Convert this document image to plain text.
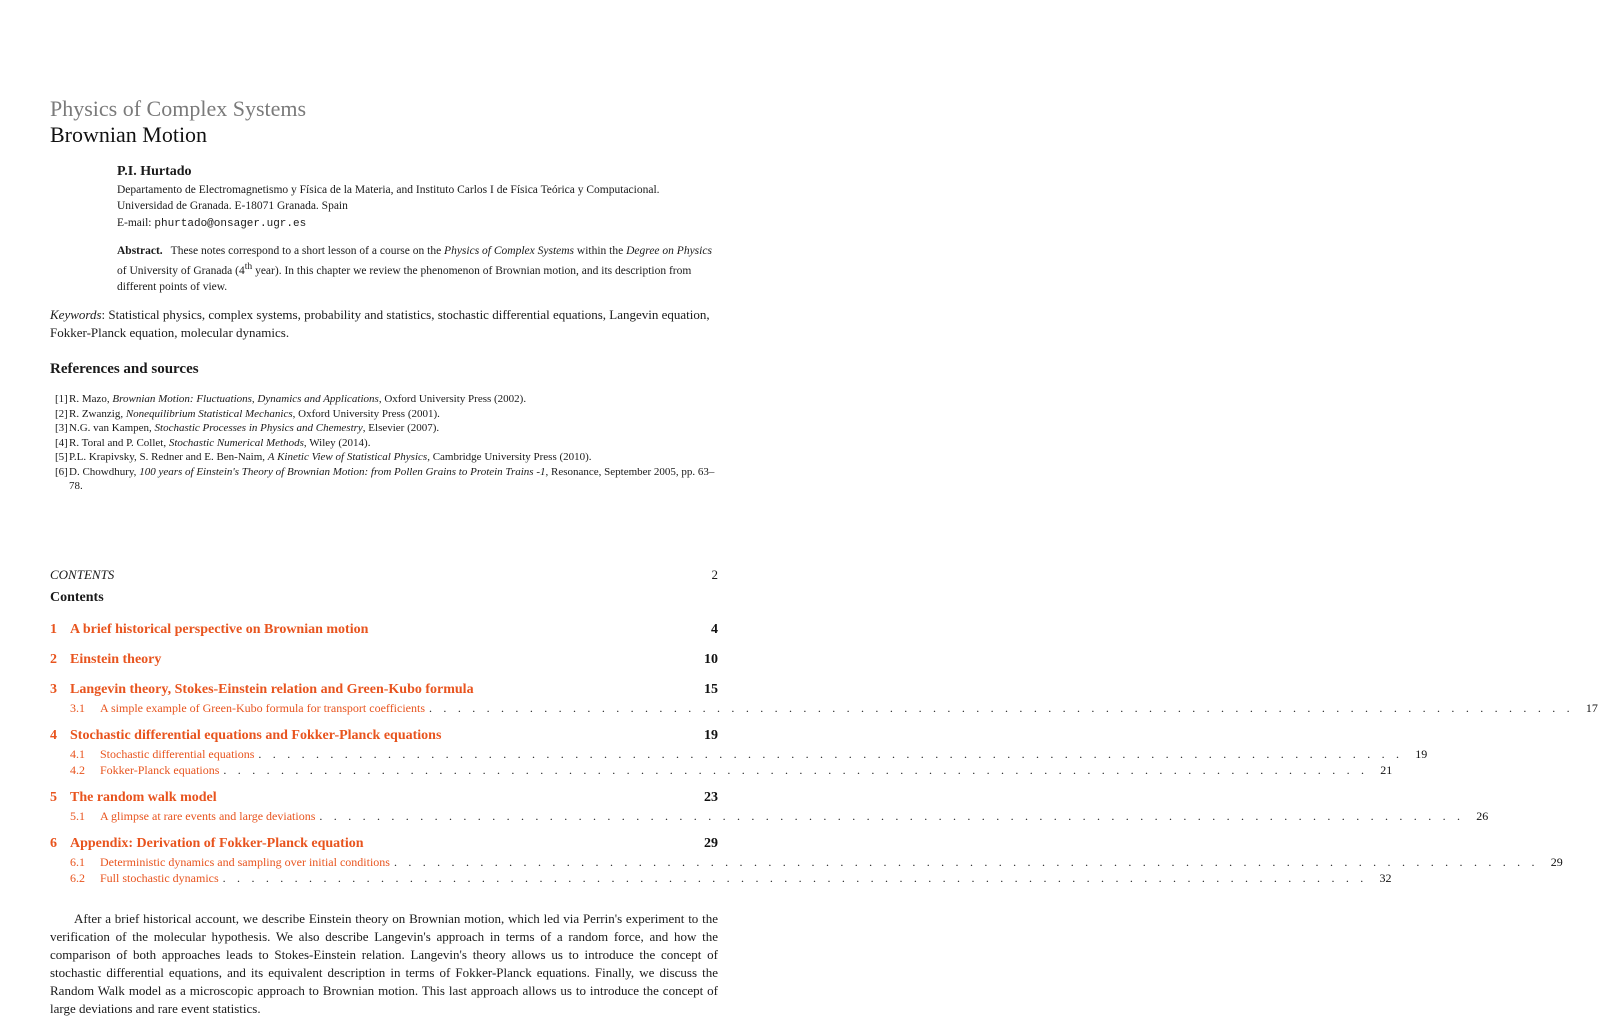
Physics of Complex Systems
Brownian Motion
P.I. Hurtado
Departamento de Electromagnetismo y Física de la Materia, and Instituto Carlos I de Física Teórica y Computacional. Universidad de Granada. E-18071 Granada. Spain
E-mail: phurtado@onsager.ugr.es
Abstract. These notes correspond to a short lesson of a course on the Physics of Complex Systems within the Degree on Physics of University of Granada (4th year). In this chapter we review the phenomenon of Brownian motion, and its description from different points of view.
Keywords: Statistical physics, complex systems, probability and statistics, stochastic differential equations, Langevin equation, Fokker-Planck equation, molecular dynamics.
References and sources
[1] R. Mazo, Brownian Motion: Fluctuations, Dynamics and Applications, Oxford University Press (2002).
[2] R. Zwanzig, Nonequilibrium Statistical Mechanics, Oxford University Press (2001).
[3] N.G. van Kampen, Stochastic Processes in Physics and Chemestry, Elsevier (2007).
[4] R. Toral and P. Collet, Stochastic Numerical Methods, Wiley (2014).
[5] P.L. Krapivsky, S. Redner and E. Ben-Naim, A Kinetic View of Statistical Physics, Cambridge University Press (2010).
[6] D. Chowdhury, 100 years of Einstein's Theory of Brownian Motion: from Pollen Grains to Protein Trains -1, Resonance, September 2005, pp. 63–78.
CONTENTS	2
Contents
1 A brief historical perspective on Brownian motion	4
2 Einstein theory	10
3 Langevin theory, Stokes-Einstein relation and Green-Kubo formula	15
3.1	A simple example of Green-Kubo formula for transport coefficients . . . . . . . . . . . . . . . . . . . . . . . . . . . . . . . . . . . . . . . . . . . . . . . . . . . . . . . . . . . . . . . . . . . . . . . . . . . . . . . .	17
4 Stochastic differential equations and Fokker-Planck equations	19
4.1	Stochastic differential equations . . . . . . . . . . . . . . . . . . . . . . . . . . . . . . . . . . . . . . . . . . . . . . . . . . . . . . . . . . . . . . . . . . . . . . . . . . . . . . . .	19
4.2	Fokker-Planck equations . . . . . . . . . . . . . . . . . . . . . . . . . . . . . . . . . . . . . . . . . . . . . . . . . . . . . . . . . . . . . . . . . . . . . . . . . . . . . . . .	21
5 The random walk model	23
5.1	A glimpse at rare events and large deviations . . . . . . . . . . . . . . . . . . . . . . . . . . . . . . . . . . . . . . . . . . . . . . . . . . . . . . . . . . . . . . . . . . . . . . . . . . . . . . . .	26
6 Appendix: Derivation of Fokker-Planck equation	29
6.1	Deterministic dynamics and sampling over initial conditions . . . . . . . . . . . . . . . . . . . . . . . . . . . . . . . . . . . . . . . . . . . . . . . . . . . . . . . . . . . . . . . . . . . . . . . . . . . . . . . .	29
6.2	Full stochastic dynamics . . . . . . . . . . . . . . . . . . . . . . . . . . . . . . . . . . . . . . . . . . . . . . . . . . . . . . . . . . . . . . . . . . . . . . . . . . . . . . . .	32
After a brief historical account, we describe Einstein theory on Brownian motion, which led via Perrin's experiment to the verification of the molecular hypothesis. We also describe Langevin's approach in terms of a random force, and how the comparison of both approaches leads to Stokes-Einstein relation. Langevin's theory allows us to introduce the concept of stochastic differential equations, and its equivalent description in terms of Fokker-Planck equations. Finally, we discuss the Random Walk model as a microscopic approach to Brownian motion. This last approach allows us to introduce the concept of large deviations and rare event statistics.
